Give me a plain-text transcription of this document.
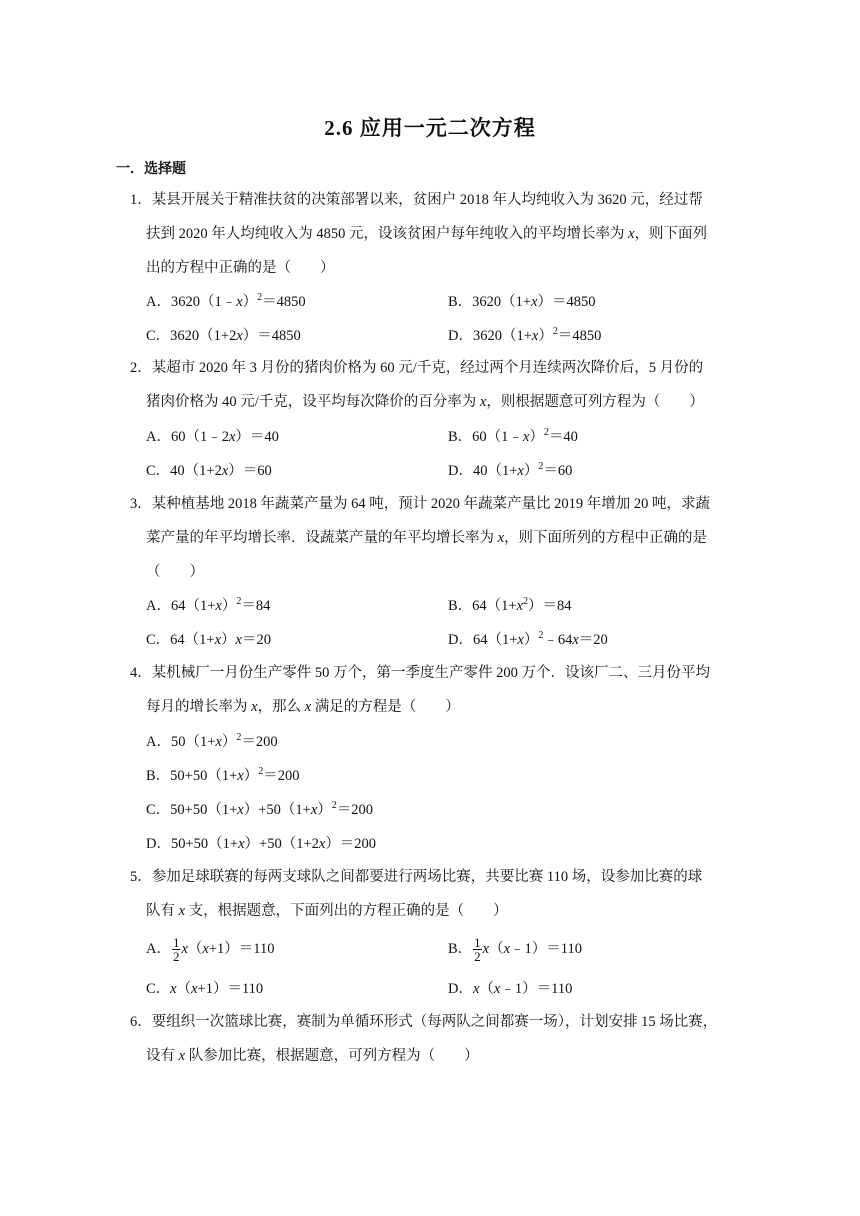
2.6 应用一元二次方程
一．选择题
1．某县开展关于精准扶贫的决策部署以来，贫困户 2018 年人均纯收入为 3620 元，经过帮
扶到 2020 年人均纯收入为 4850 元，设该贫困户每年纯收入的平均增长率为 x，则下面列
出的方程中正确的是（　　）
A．3620（1﹣x）$^2$＝4850	B．3620（1+x）＝4850
C．3620（1+2x）＝4850	D．$3620(1+x)^2=4850$
2．某超市 2020 年 3 月份的猪肉价格为 60 元/千克，经过两个月连续两次降价后，5 月份的
猪肉价格为 40 元/千克，设平均每次降价的百分率为 x，则根据题意可列方程为（　　）
A．60（1﹣2x）＝40	B．60（1﹣x）$^2$＝40
C．40（1+2x）＝60	D．$40(1+x)^2=60$
3．某种植基地 2018 年蔬菜产量为 64 吨，预计 2020 年蔬菜产量比 2019 年增加 20 吨，求蔬
菜产量的年平均增长率．设蔬菜产量的年平均增长率为 x，则下面所列的方程中正确的是
（　　）
A．$64(1+x)^2=84$	B．$64(1+x^2)=84$
C．64（1+x）x＝20	D．$64(1+x)^2﹣64x=20$
4．某机械厂一月份生产零件 50 万个，第一季度生产零件 200 万个．设该厂二、三月份平均
每月的增长率为 x，那么 x 满足的方程是（　　）
A．$50(1+x)^2=200$
B．$50+50(1+x)^2=200$
C．$50+50(1+x)+50(1+x)^2=200$
D．50+50（1+x）+50（1+2x）＝200
5．参加足球联赛的每两支球队之间都要进行两场比赛，共要比赛 110 场，设参加比赛的球
队有 x 支，根据题意，下面列出的方程正确的是（　　）
A． $\frac{1}{2} x(x+1)=110$	B． $\frac{1}{2}$ x（x﹣1）＝110
C．x（x+1）＝110	D．x（x﹣1）＝110
6．要组织一次篮球比赛，赛制为单循环形式（每两队之间都赛一场），计划安排 15 场比赛，
设有 x 队参加比赛，根据题意，可列方程为（　　）
